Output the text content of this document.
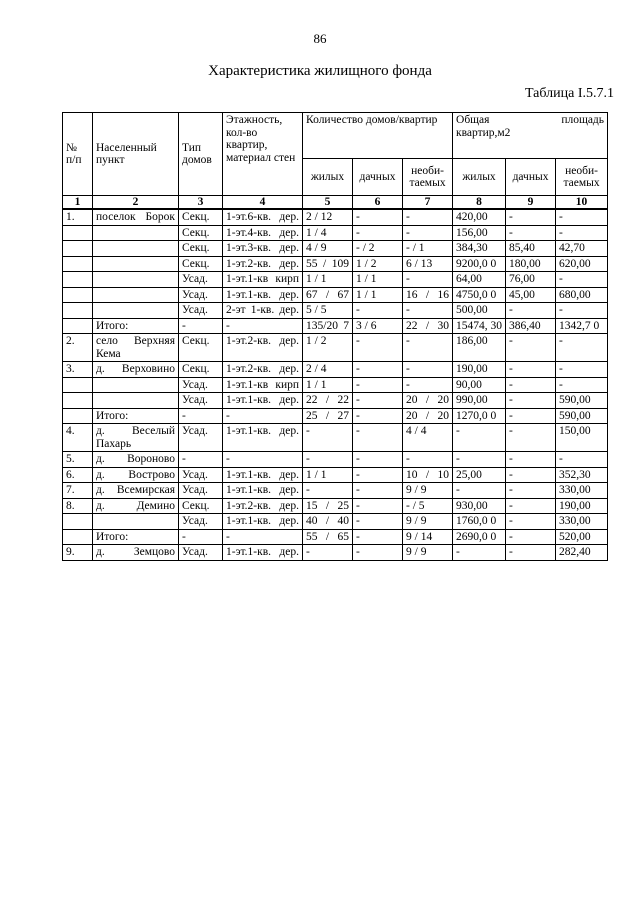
86
Характеристика жилищного фонда
Таблица I.5.7.1
№ п/п	Населенный пункт	Тип домов	Этажность, кол-во квартир, материал стен	Количество домов/квартир			Общая площадь
квартир,м2		

				жилых	дачных	необи-таемых	жилых	дачных	необи-таемых
1	2	3	4	5	6	7	8	9	10
1.	поселок Борок	Секц.	1-эт.6-кв. дер.	2 / 12	-	-	420,00	-	-
		Секц.	1-эт.4-кв. дер.	1 / 4	-	-	156,00	-	-
		Секц.	1-эт.3-кв. дер.	4 / 9	- / 2	- / 1	384,30	85,40	42,70
		Секц.	1-эт.2-кв. дер.	55 / 109	1 / 2	6 / 13	9200,0 0	180,00	620,00
		Усад.	1-эт.1-кв кирп	1 / 1	1 / 1	-	64,00	76,00	-
		Усад.	1-эт.1-кв. дер.	67 / 67	1 / 1	16 / 16	4750,0 0	45,00	680,00
		Усад.	2-эт 1-кв. дер.	5 / 5	-	-	500,00	-	-
	Итого:	-	-	135/20 7	3 / 6	22 / 30	15474, 30	386,40	1342,7 0
2.	село Верхняя Кема	Секц.	1-эт.2-кв. дер.	1 / 2	-	-	186,00	-	-
3.	д. Верховино	Секц.	1-эт.2-кв. дер.	2 / 4	-	-	190,00	-	-
		Усад.	1-эт.1-кв кирп	1 / 1	-	-	90,00	-	-
		Усад.	1-эт.1-кв. дер.	22 / 22	-	20 / 20	990,00	-	590,00
	Итого:	-	-	25 / 27	-	20 / 20	1270,0 0	-	590,00
4.	д. Веселый Пахарь	Усад.	1-эт.1-кв. дер.	-	-	4 / 4	-	-	150,00
5.	д. Вороново	-	-	-	-	-	-	-	-
6.	д. Вострово	Усад.	1-эт.1-кв. дер.	1 / 1	-	10 / 10	25,00	-	352,30
7.	д. Всемирская	Усад.	1-эт.1-кв. дер.	-	-	9 / 9	-	-	330,00
8.	д. Демино	Секц.	1-эт.2-кв. дер.	15 / 25	-	- / 5	930,00	-	190,00
		Усад.	1-эт.1-кв. дер.	40 / 40	-	9 / 9	1760,0 0	-	330,00
	Итого:	-	-	55 / 65	-	9 / 14	2690,0 0	-	520,00
9.	д. Земцово	Усад.	1-эт.1-кв. дер.	-	-	9 / 9	-	-	282,40
